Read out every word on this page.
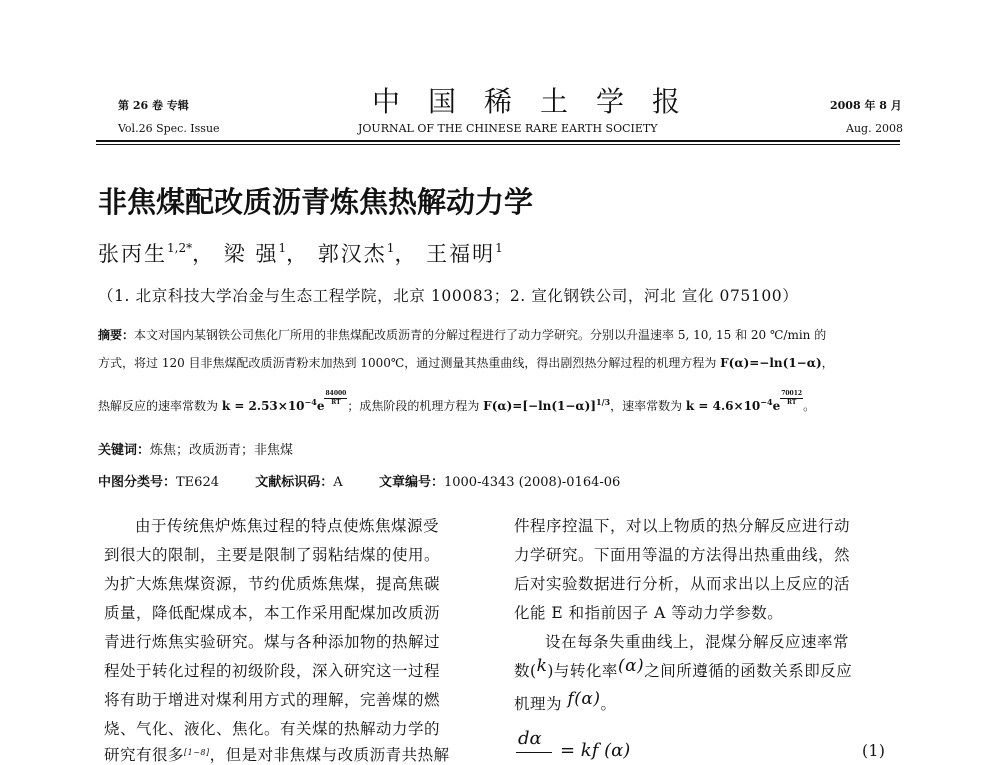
第 26 卷 专辑	中国稀土学报	2008 年 8 月
Vol.26 Spec. Issue	JOURNAL OF THE CHINESE RARE EARTH SOCIETY	Aug. 2008
非焦煤配改质沥青炼焦热解动力学
张丙生$^{1,2*}$， 梁 强$^1$， 郭汉杰$^1$， 王福明$^1$
（1. 北京科技大学冶金与生态工程学院，北京 100083；2. 宣化钢铁公司，河北 宣化 075100）
摘要：本文对国内某钢铁公司焦化厂所用的非焦煤配改质沥青的分解过程进行了动力学研究。分别以升温速率 5, 10, 15 和 20 ℃/min 的
方式，将过 120 目非焦煤配改质沥青粉末加热到 1000℃，通过测量其热重曲线，得出剧烈热分解过程的机理方程为 F(α)=−ln(1−α)，
热解反应的速率常数为 $k = 2.53\times 10^{-4}e \frac{84000}{RT}$ ；成焦阶段的机理方程为 $F(\alpha)=[-\ln(1-\alpha)]^{1/3}$，速率常数为 $k = 4.6\times 10^{-4}e \frac{70012}{RT}$ 。
关键词：炼焦；改质沥青；非焦煤
中图分类号：TE624	文献标识码：A	文章编号：1000-4343 (2008)-0164-06
由于传统焦炉炼焦过程的特点使炼焦煤源受
到很大的限制，主要是限制了弱粘结煤的使用。
为扩大炼焦煤资源，节约优质炼焦煤，提高焦碳
质量，降低配煤成本，本工作采用配煤加改质沥
青进行炼焦实验研究。煤与各种添加物的热解过
程处于转化过程的初级阶段，深入研究这一过程
将有助于增进对煤利用方式的理解，完善煤的燃
烧、气化、液化、焦化。有关煤的热解动力学的
研究有很多[1~8]，但是对非焦煤与改质沥青共热解
件程序控温下，对以上物质的热分解反应进行动
力学研究。下面用等温的方法得出热重曲线，然
后对实验数据进行分析，从而求出以上反应的活
化能 E 和指前因子 A 等动力学参数。
设在每条失重曲线上，混煤分解反应速率常
数(k)与转化率(α)之间所遵循的函数关系即反应
机理为 f(α)。
dα
= kf (α)	(1)
